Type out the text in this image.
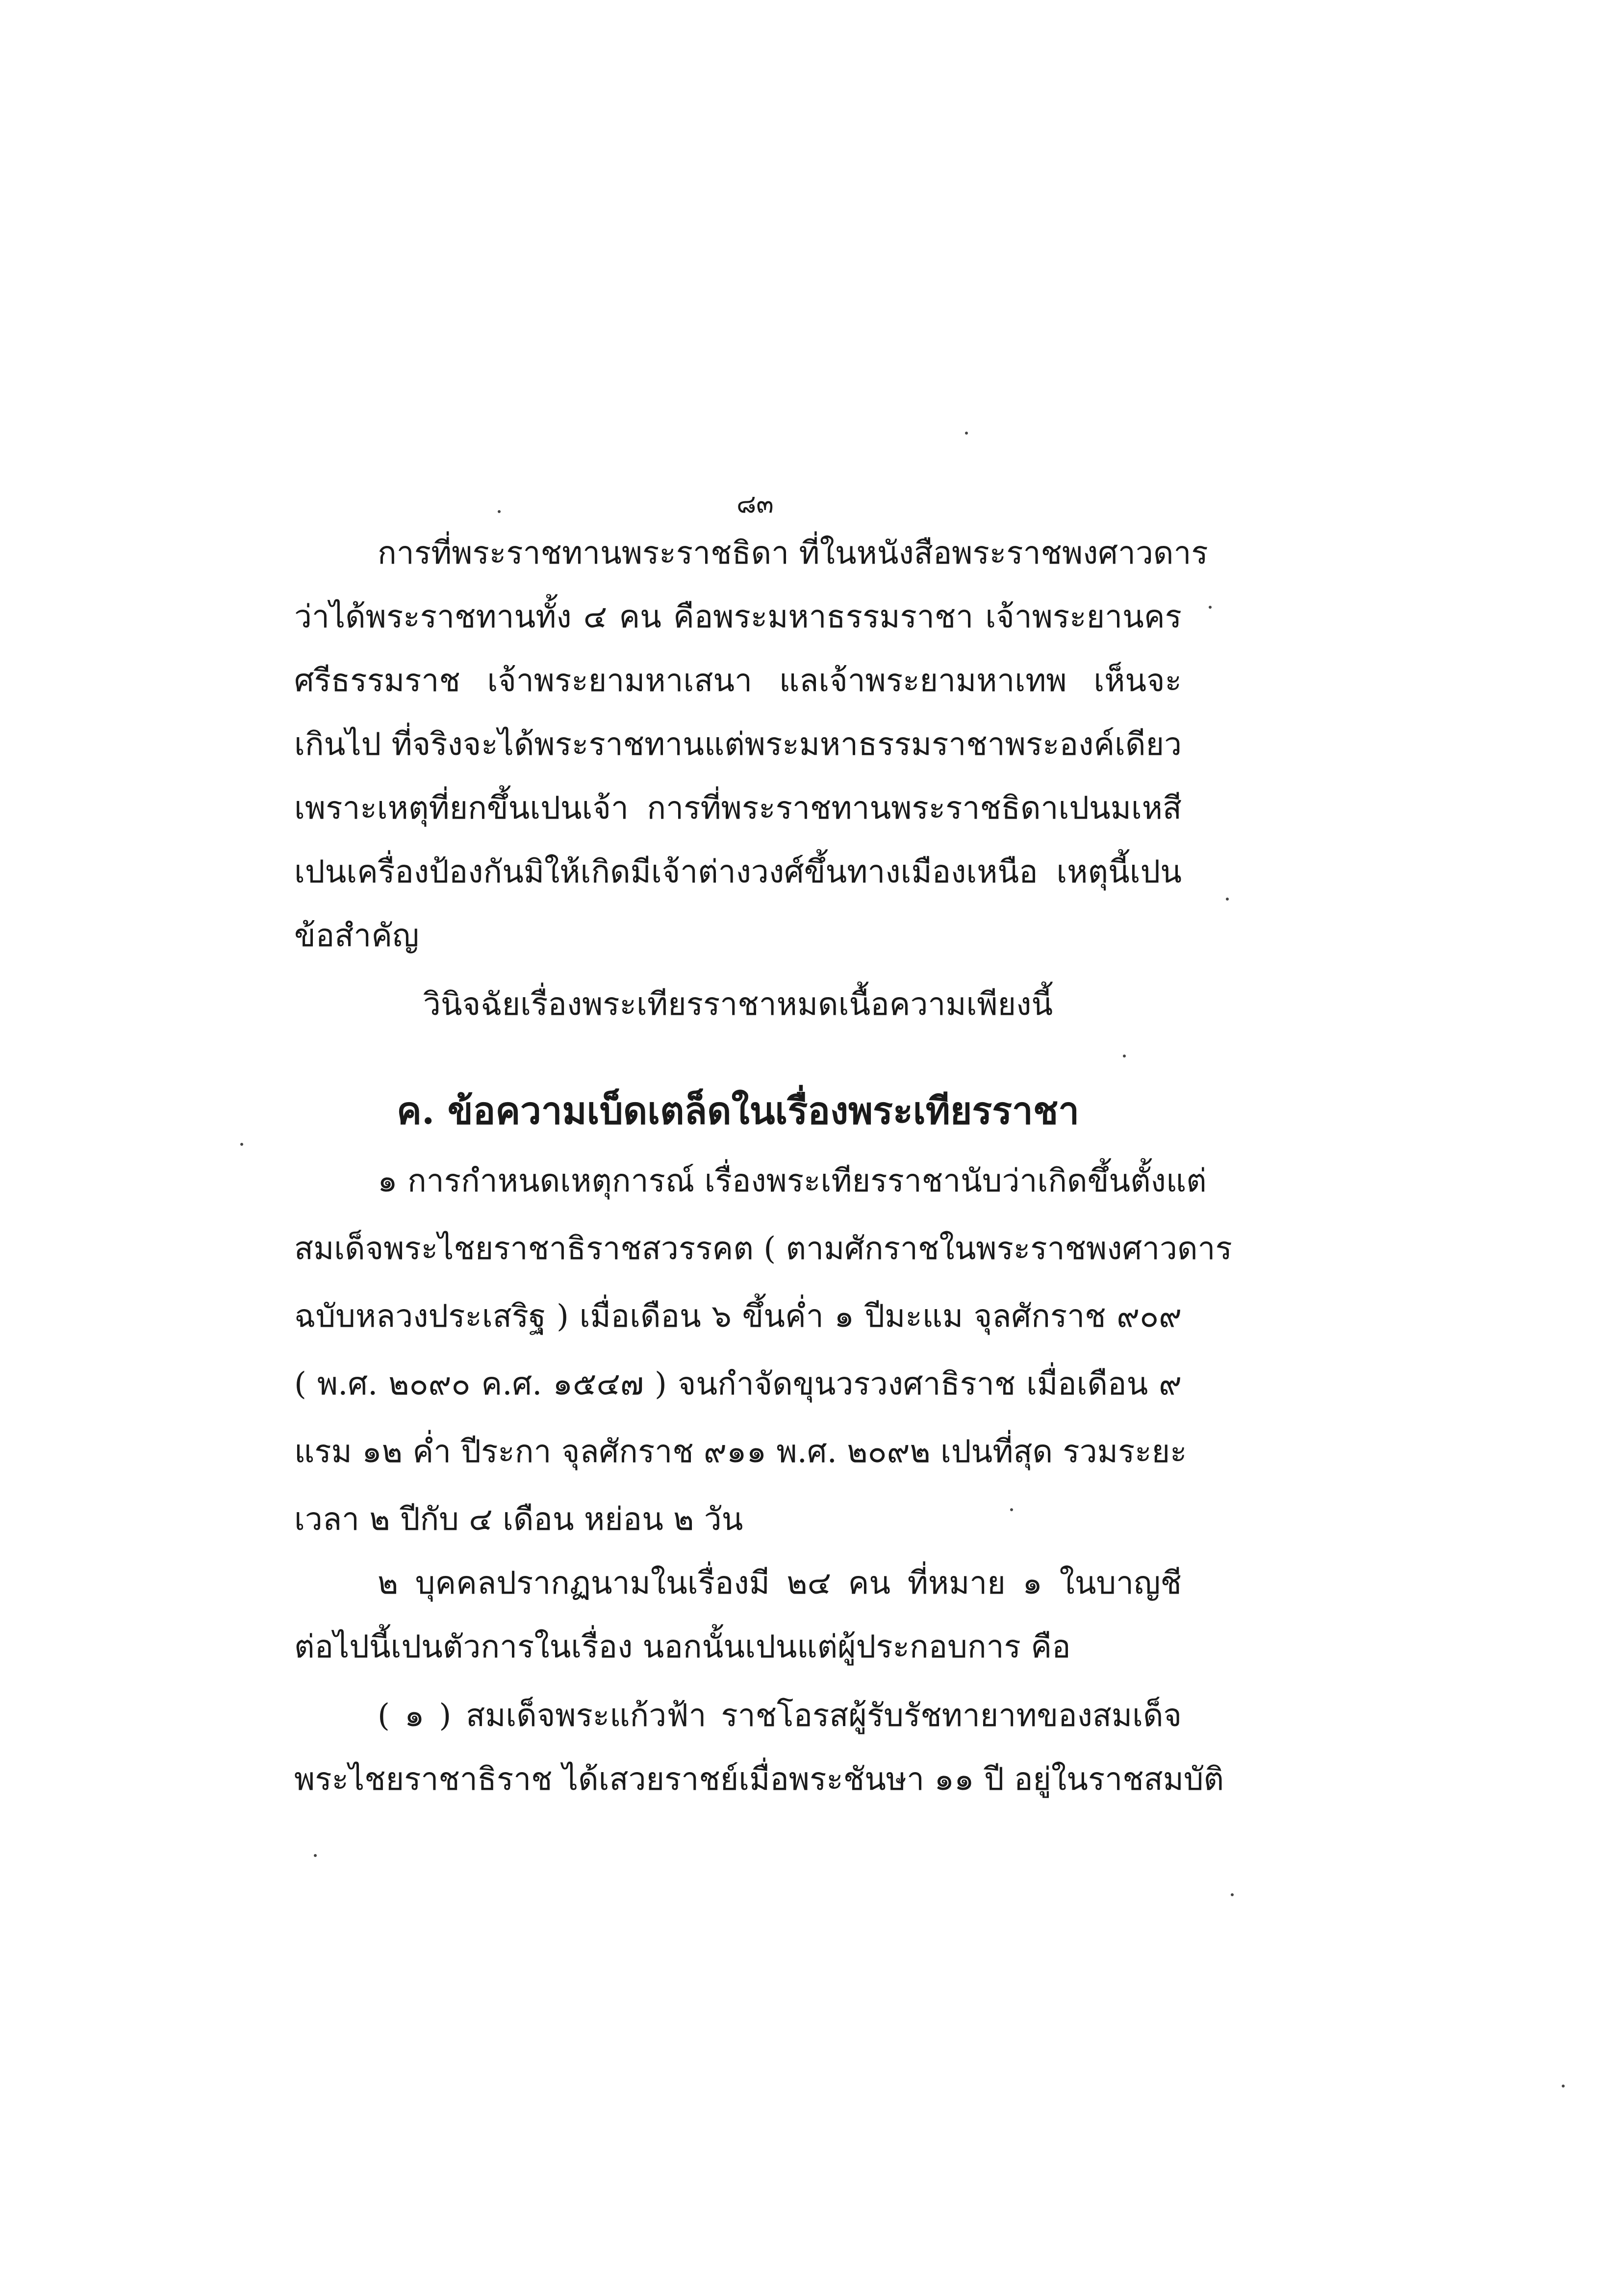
๘๓
การที่พระราชทานพระราชธิดา ที่ในหนังสือพระราชพงศาวดาร
ว่าได้พระราชทานทั้ง ๔ คน คือพระมหาธรรมราชา เจ้าพระยานคร
ศรีธรรมราช เจ้าพระยามหาเสนา แลเจ้าพระยามหาเทพ เห็นจะ
เกินไป ที่จริงจะได้พระราชทานแต่พระมหาธรรมราชาพระองค์เดียว
เพราะเหตุที่ยกขึ้นเปนเจ้า การที่พระราชทานพระราชธิดาเปนมเหสี
เปนเครื่องป้องกันมิให้เกิดมีเจ้าต่างวงศ์ขึ้นทางเมืองเหนือ เหตุนี้เปน
ข้อสำคัญ
วินิจฉัยเรื่องพระเทียรราชาหมดเนื้อความเพียงนี้
ค. ข้อความเบ็ดเตล็ดในเรื่องพระเทียรราชา
๑ การกำหนดเหตุการณ์ เรื่องพระเทียรราชานับว่าเกิดขึ้นตั้งแต่
สมเด็จพระไชยราชาธิราชสวรรคต ( ตามศักราชในพระราชพงศาวดาร
ฉบับหลวงประเสริฐ ) เมื่อเดือน ๖ ขึ้นค่ำ ๑ ปีมะแม จุลศักราช ๙๐๙
( พ.ศ. ๒๐๙๐ ค.ศ. ๑๕๔๗ ) จนกำจัดขุนวรวงศาธิราช เมื่อเดือน ๙
แรม ๑๒ ค่ำ ปีระกา จุลศักราช ๙๑๑ พ.ศ. ๒๐๙๒ เปนที่สุด รวมระยะ
เวลา ๒ ปีกับ ๔ เดือน หย่อน ๒ วัน
๒ บุคคลปรากฏนามในเรื่องมี ๒๔ คน ที่หมาย ๑ ในบาญชี
ต่อไปนี้เปนตัวการในเรื่อง นอกนั้นเปนแต่ผู้ประกอบการ คือ
( ๑ ) สมเด็จพระแก้วฟ้า ราชโอรสผู้รับรัชทายาทของสมเด็จ
พระไชยราชาธิราช ได้เสวยราชย์เมื่อพระชันษา ๑๑ ปี อยู่ในราชสมบัติ
